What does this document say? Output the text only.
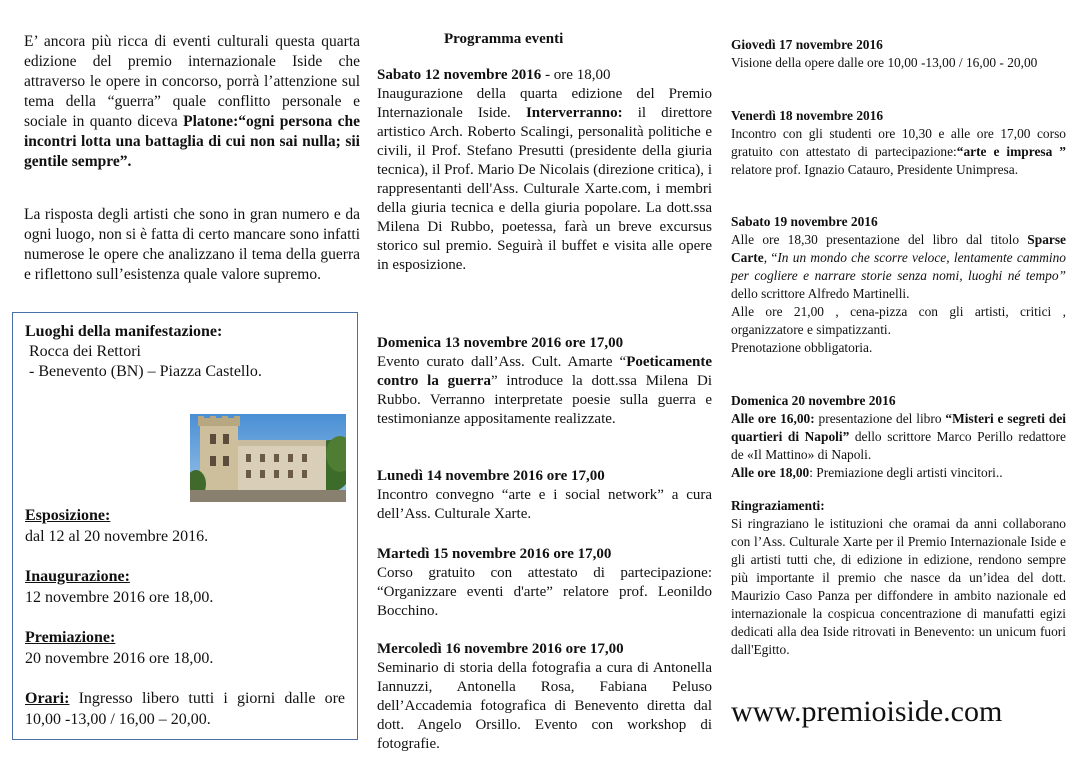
E’ ancora più ricca di eventi culturali questa quarta edizione del premio internazionale Iside che attraverso le opere in concorso, porrà l’attenzione sul tema della “guerra” quale conflitto personale e sociale in quanto diceva Platone:“ogni persona che incontri lotta una battaglia di cui non sai nulla; sii gentile sempre”.

La risposta degli artisti che sono in gran numero e da ogni luogo, non si è fatta di certo mancare sono infatti numerose le opere che analizzano il tema della guerra e riflettono sull’esistenza quale valore supremo.

Luoghi della manifestazione:
Rocca dei Rettori
- Benevento (BN) – Piazza Castello.
Esposizione:
dal 12 al 20 novembre 2016.
Inaugurazione:
12 novembre 2016 ore 18,00.
Premiazione:
20 novembre 2016 ore 18,00.
Orari: Ingresso libero tutti i giorni dalle ore 10,00 -13,00 / 16,00 – 20,00.
Programma eventi

Sabato 12 novembre 2016 - ore 18,00
Inaugurazione della quarta edizione del Premio Internazionale Iside. Interverranno: il direttore artistico Arch. Roberto Scalingi, personalità politiche e civili, il Prof. Stefano Presutti (presidente della giuria tecnica), il Prof. Mario De Nicolais (direzione critica), i rappresentanti dell'Ass. Culturale Xarte.com, i membri della giuria tecnica e della giuria popolare. La dott.ssa Milena Di Rubbo, poetessa, farà un breve excursus storico sul premio. Seguirà il buffet e visita alle opere in esposizione.

Domenica 13 novembre 2016 ore 17,00
Evento curato dall’Ass. Cult. Amarte “Poeticamente contro la guerra” introduce la dott.ssa Milena Di Rubbo. Verranno interpretate poesie sulla guerra e testimonianze appositamente realizzate.

Lunedì 14 novembre 2016 ore 17,00
Incontro convegno “arte e i social network” a cura dell’Ass. Culturale Xarte.

Martedì 15 novembre 2016 ore 17,00
Corso gratuito con attestato di partecipazione: “Organizzare eventi d'arte” relatore prof. Leonildo Bocchino.

Mercoledì 16 novembre 2016 ore 17,00
Seminario di storia della fotografia a cura di Antonella Iannuzzi, Antonella Rosa, Fabiana Peluso dell’Accademia fotografica di Benevento diretta dal dott. Angelo Orsillo. Evento con workshop di fotografie.

Giovedì 17 novembre 2016
Visione della opere dalle ore 10,00 -13,00 / 16,00 - 20,00

Venerdì 18 novembre 2016
Incontro con gli studenti ore 10,30 e alle ore 17,00 corso gratuito con attestato di partecipazione:“arte e impresa ” relatore prof. Ignazio Catauro, Presidente Unimpresa.

Sabato 19 novembre 2016
Alle ore 18,30 presentazione del libro dal titolo Sparse Carte, “In un mondo che scorre veloce, lentamente cammino per cogliere e narrare storie senza nomi, luoghi né tempo” dello scrittore Alfredo Martinelli.
Alle ore 21,00 , cena-pizza con gli artisti, critici , organizzatore e simpatizzanti.
Prenotazione obbligatoria.

Domenica 20 novembre 2016
Alle ore 16,00: presentazione del libro “Misteri e segreti dei quartieri di Napoli” dello scrittore Marco Perillo redattore de «Il Mattino» di Napoli.
Alle ore 18,00: Premiazione degli artisti vincitori..

Ringraziamenti:
Si ringraziano le istituzioni che oramai da anni collaborano con l’Ass. Culturale Xarte per il Premio Internazionale Iside e gli artisti tutti che, di edizione in edizione, rendono sempre più importante il premio che nasce da un’idea del dott. Maurizio Caso Panza per diffondere in ambito nazionale ed internazionale la cospicua concentrazione di manufatti egizi dedicati alla dea Iside ritrovati in Benevento: un unicum fuori dall'Egitto.

www.premioiside.com
